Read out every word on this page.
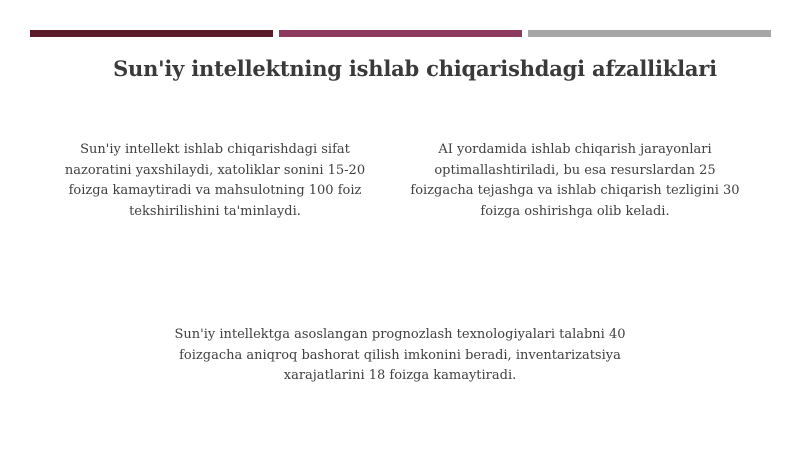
Sun'iy intellektning ishlab chiqarishdagi afzalliklari

Sun'iy intellekt ishlab chiqarishdagi sifat nazoratini yaxshilaydi, xatoliklar sonini 15-20 foizga kamaytiradi va mahsulotning 100 foiz tekshirilishini ta'minlaydi.

AI yordamida ishlab chiqarish jarayonlari optimallashtiriladi, bu esa resurslardan 25 foizgacha tejashga va ishlab chiqarish tezligini 30 foizga oshirishga olib keladi.

Sun'iy intellektga asoslangan prognozlash texnologiyalari talabni 40 foizgacha aniqroq bashorat qilish imkonini beradi, inventarizatsiya xarajatlarini 18 foizga kamaytiradi.
